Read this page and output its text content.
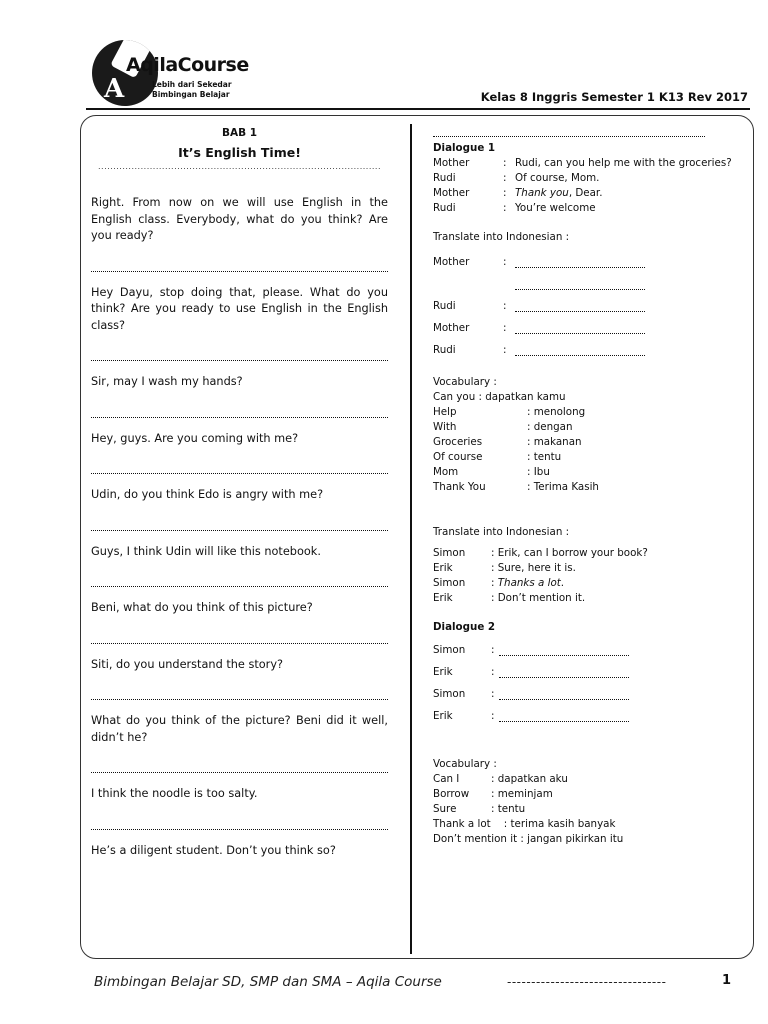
A
AqilaCourse
Lebih dari Sekedar
Bimbingan Belajar	Kelas 8 Inggris Semester 1 K13 Rev 2017
BAB 1
It’s English Time!
.............................................................................................

Right. From now on we will use English in the English class. Everybody, what do you think? Are you ready?

Hey Dayu, stop doing that, please. What do you think? Are you ready to use English in the English class?

Sir, may I wash my hands?

Hey, guys. Are you coming with me?

Udin, do you think Edo is angry with me?

Guys, I think Udin will like this notebook.

Beni, what do you think of this picture?

Siti, do you understand the story?

What do you think of the picture? Beni did it well, didn’t he?

I think the noodle is too salty.

He’s a diligent student. Don’t you think so?

Dialogue 1
Mother	: Rudi, can you help me with the groceries?
Rudi	: Of course, Mom.
Mother	: Thank you, Dear.
Rudi	: You’re welcome
Translate into Indonesian :
Mother	:
Rudi	:
Mother	:
Rudi	:
Vocabulary :
Can you : dapatkan kamu
Help	: menolong
With	: dengan
Groceries	: makanan
Of course	: tentu
Mom	: Ibu
Thank You	: Terima Kasih
Translate into Indonesian :
Simon	: Erik, can I borrow your book?
Erik	: Sure, here it is.
Simon	: Thanks a lot.
Erik	: Don’t mention it.
Dialogue 2
Simon	:
Erik	:
Simon	:
Erik	:
Vocabulary :
Can I	: dapatkan aku
Borrow	: meminjam
Sure	: tentu
Thank a lot    : terima kasih banyak
Don’t mention it : jangan pikirkan itu
Bimbingan Belajar SD, SMP dan SMA – Aqila Course	---------------------------------	1
